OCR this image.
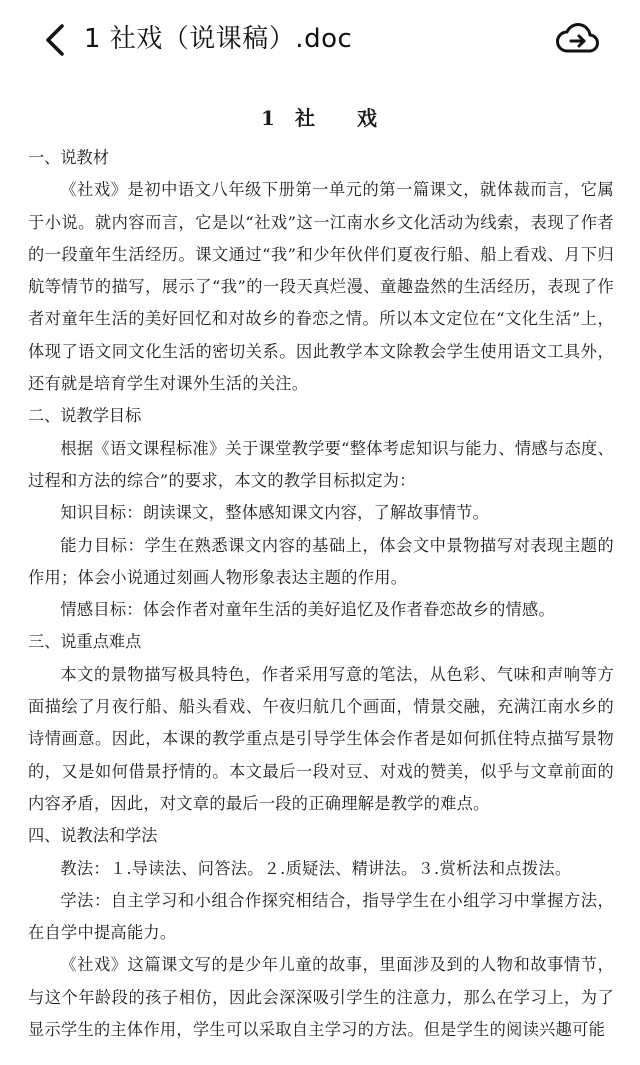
1 社戏（说课稿）.doc
1 社 戏

一、说教材

《社戏》是初中语文八年级下册第一单元的第一篇课文，就体裁而言，它属于小说。就内容而言，它是以“社戏”这一江南水乡文化活动为线索，表现了作者的一段童年生活经历。课文通过“我”和少年伙伴们夏夜行船、船上看戏、月下归航等情节的描写，展示了“我”的一段天真烂漫、童趣盎然的生活经历，表现了作者对童年生活的美好回忆和对故乡的眷恋之情。所以本文定位在“文化生活”上，体现了语文同文化生活的密切关系。因此教学本文除教会学生使用语文工具外，还有就是培育学生对课外生活的关注。

二、说教学目标

根据《语文课程标准》关于课堂教学要“整体考虑知识与能力、情感与态度、过程和方法的综合”的要求，本文的教学目标拟定为：

知识目标：朗读课文，整体感知课文内容，了解故事情节。

能力目标：学生在熟悉课文内容的基础上，体会文中景物描写对表现主题的作用；体会小说通过刻画人物形象表达主题的作用。

情感目标：体会作者对童年生活的美好追忆及作者眷恋故乡的情感。

三、说重点难点

本文的景物描写极具特色，作者采用写意的笔法，从色彩、气味和声响等方面描绘了月夜行船、船头看戏、午夜归航几个画面，情景交融，充满江南水乡的诗情画意。因此，本课的教学重点是引导学生体会作者是如何抓住特点描写景物的，又是如何借景抒情的。本文最后一段对豆、对戏的赞美，似乎与文章前面的内容矛盾，因此，对文章的最后一段的正确理解是教学的难点。

四、说教法和学法

教法：１.导读法、问答法。２.质疑法、精讲法。３.赏析法和点拨法。

学法：自主学习和小组合作探究相结合，指导学生在小组学习中掌握方法，在自学中提高能力。

《社戏》这篇课文写的是少年儿童的故事，里面涉及到的人物和故事情节，与这个年龄段的孩子相仿，因此会深深吸引学生的注意力，那么在学习上，为了显示学生的主体作用，学生可以采取自主学习的方法。但是学生的阅读兴趣可能
